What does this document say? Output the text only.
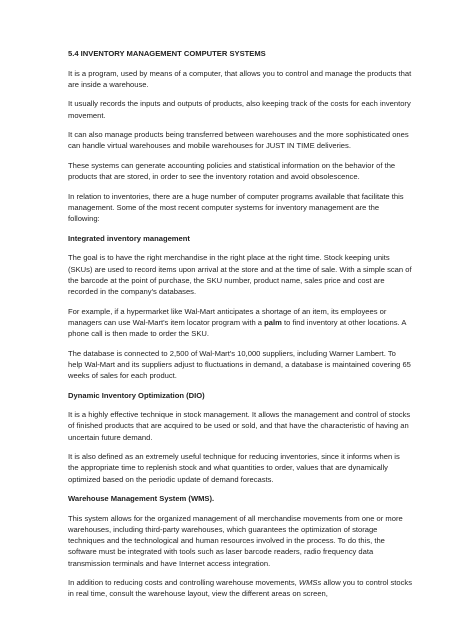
5.4 INVENTORY MANAGEMENT COMPUTER SYSTEMS

It is a program, used by means of a computer, that allows you to control and manage the products that are inside a warehouse.

It usually records the inputs and outputs of products, also keeping track of the costs for each inventory movement.

It can also manage products being transferred between warehouses and the more sophisticated ones can handle virtual warehouses and mobile warehouses for JUST IN TIME deliveries.

These systems can generate accounting policies and statistical information on the behavior of the products that are stored, in order to see the inventory rotation and avoid obsolescence.

In relation to inventories, there are a huge number of computer programs available that facilitate this management. Some of the most recent computer systems for inventory management are the following:

Integrated inventory management

The goal is to have the right merchandise in the right place at the right time. Stock keeping units (SKUs) are used to record items upon arrival at the store and at the time of sale. With a simple scan of the barcode at the point of purchase, the SKU number, product name, sales price and cost are recorded in the company's databases.

For example, if a hypermarket like Wal-Mart anticipates a shortage of an item, its employees or managers can use Wal-Mart's item locator program with a palm to find inventory at other locations. A phone call is then made to order the SKU.

The database is connected to 2,500 of Wal-Mart's 10,000 suppliers, including Warner Lambert. To help Wal-Mart and its suppliers adjust to fluctuations in demand, a database is maintained covering 65 weeks of sales for each product.

Dynamic Inventory Optimization (DIO)

It is a highly effective technique in stock management. It allows the management and control of stocks of finished products that are acquired to be used or sold, and that have the characteristic of having an uncertain future demand.

It is also defined as an extremely useful technique for reducing inventories, since it informs when is the appropriate time to replenish stock and what quantities to order, values that are dynamically optimized based on the periodic update of demand forecasts.

Warehouse Management System (WMS).

This system allows for the organized management of all merchandise movements from one or more warehouses, including third-party warehouses, which guarantees the optimization of storage techniques and the technological and human resources involved in the process. To do this, the software must be integrated with tools such as laser barcode readers, radio frequency data transmission terminals and have Internet access integration.

In addition to reducing costs and controlling warehouse movements, WMSs allow you to control stocks in real time, consult the warehouse layout, view the different areas on screen,
